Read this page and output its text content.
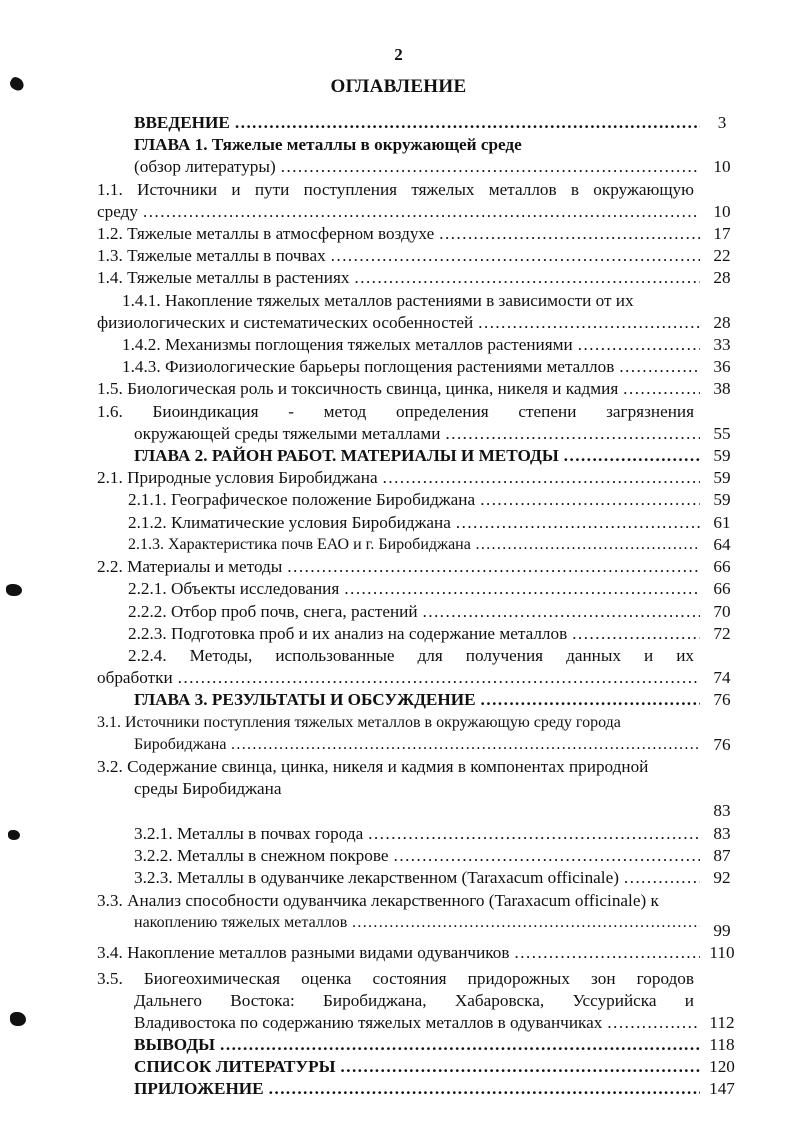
2
ОГЛАВЛЕНИЕ
ВВЕДЕНИЕ ………………………………………………………………………………………………………………………………………………………………………………	3
ГЛАВА 1. Тяжелые металлы в окружающей среде
(обзор литературы) ………………………………………………………………………………………………………………………………………………………………………………	10
1.1. Источники и пути поступления тяжелых металлов в окружающую
среду ………………………………………………………………………………………………………………………………………………………………………………	10
1.2. Тяжелые металлы в атмосферном воздухе ………………………………………………………………………………………………………………………………………………………………………………	17
1.3. Тяжелые металлы в почвах ………………………………………………………………………………………………………………………………………………………………………………	22
1.4. Тяжелые металлы в растениях ………………………………………………………………………………………………………………………………………………………………………………	28
1.4.1. Накопление тяжелых металлов растениями в зависимости от их
физиологических и систематических особенностей ………………………………………………………………………………………………………………………………………………………………………………	28
1.4.2. Механизмы поглощения тяжелых металлов растениями ………………………………………………………………………………………………………………………………………………………………………………	33
1.4.3. Физиологические барьеры поглощения растениями металлов ………………………………………………………………………………………………………………………………………………………………………………	36
1.5. Биологическая роль и токсичность свинца, цинка, никеля и кадмия ………………………………………………………………………………………………………………………………………………………………………………	38
1.6. Биоиндикация - метод определения степени загрязнения
окружающей среды тяжелыми металлами ………………………………………………………………………………………………………………………………………………………………………………	55
ГЛАВА 2. РАЙОН РАБОТ. МАТЕРИАЛЫ И МЕТОДЫ ………………………………………………………………………………………………………………………………………………………………………………	59
2.1. Природные условия Биробиджана ………………………………………………………………………………………………………………………………………………………………………………	59
2.1.1. Географическое положение Биробиджана ………………………………………………………………………………………………………………………………………………………………………………	59
2.1.2. Климатические условия Биробиджана ………………………………………………………………………………………………………………………………………………………………………………	61
2.1.3. Характеристика почв ЕАО и г. Биробиджана ………………………………………………………………………………………………………………………………………………………………………………	64
2.2. Материалы и методы ………………………………………………………………………………………………………………………………………………………………………………	66
2.2.1. Объекты исследования ………………………………………………………………………………………………………………………………………………………………………………	66
2.2.2. Отбор проб почв, снега, растений ………………………………………………………………………………………………………………………………………………………………………………	70
2.2.3. Подготовка проб и их анализ на содержание металлов ………………………………………………………………………………………………………………………………………………………………………………	72
2.2.4. Методы, использованные для получения данных и их
обработки ………………………………………………………………………………………………………………………………………………………………………………	74
ГЛАВА 3. РЕЗУЛЬТАТЫ И ОБСУЖДЕНИЕ ………………………………………………………………………………………………………………………………………………………………………………	76
3.1. Источники поступления тяжелых металлов в окружающую среду города
Биробиджана ………………………………………………………………………………………………………………………………………………………………………………	76
3.2. Содержание свинца, цинка, никеля и кадмия в компонентах природной
среды Биробиджана
83
3.2.1. Металлы в почвах города ………………………………………………………………………………………………………………………………………………………………………………	83
3.2.2. Металлы в снежном покрове ………………………………………………………………………………………………………………………………………………………………………………	87
3.2.3. Металлы в одуванчике лекарственном (Taraxacum officinale) ………………………………………………………………………………………………………………………………………………………………………………	92
3.3. Анализ способности одуванчика лекарственного (Taraxacum officinale) к
накоплению тяжелых металлов ………………………………………………………………………………………………………………………………………………………………………………	99
3.4. Накопление металлов разными видами одуванчиков ………………………………………………………………………………………………………………………………………………………………………………	110
3.5. Биогеохимическая оценка состояния придорожных зон городов
Дальнего Востока: Биробиджана, Хабаровска, Уссурийска и
Владивостока по содержанию тяжелых металлов в одуванчиках ………………………………………………………………………………………………………………………………………………………………………………	112
ВЫВОДЫ ………………………………………………………………………………………………………………………………………………………………………………	118
СПИСОК ЛИТЕРАТУРЫ ………………………………………………………………………………………………………………………………………………………………………………	120
ПРИЛОЖЕНИЕ ………………………………………………………………………………………………………………………………………………………………………………	147
